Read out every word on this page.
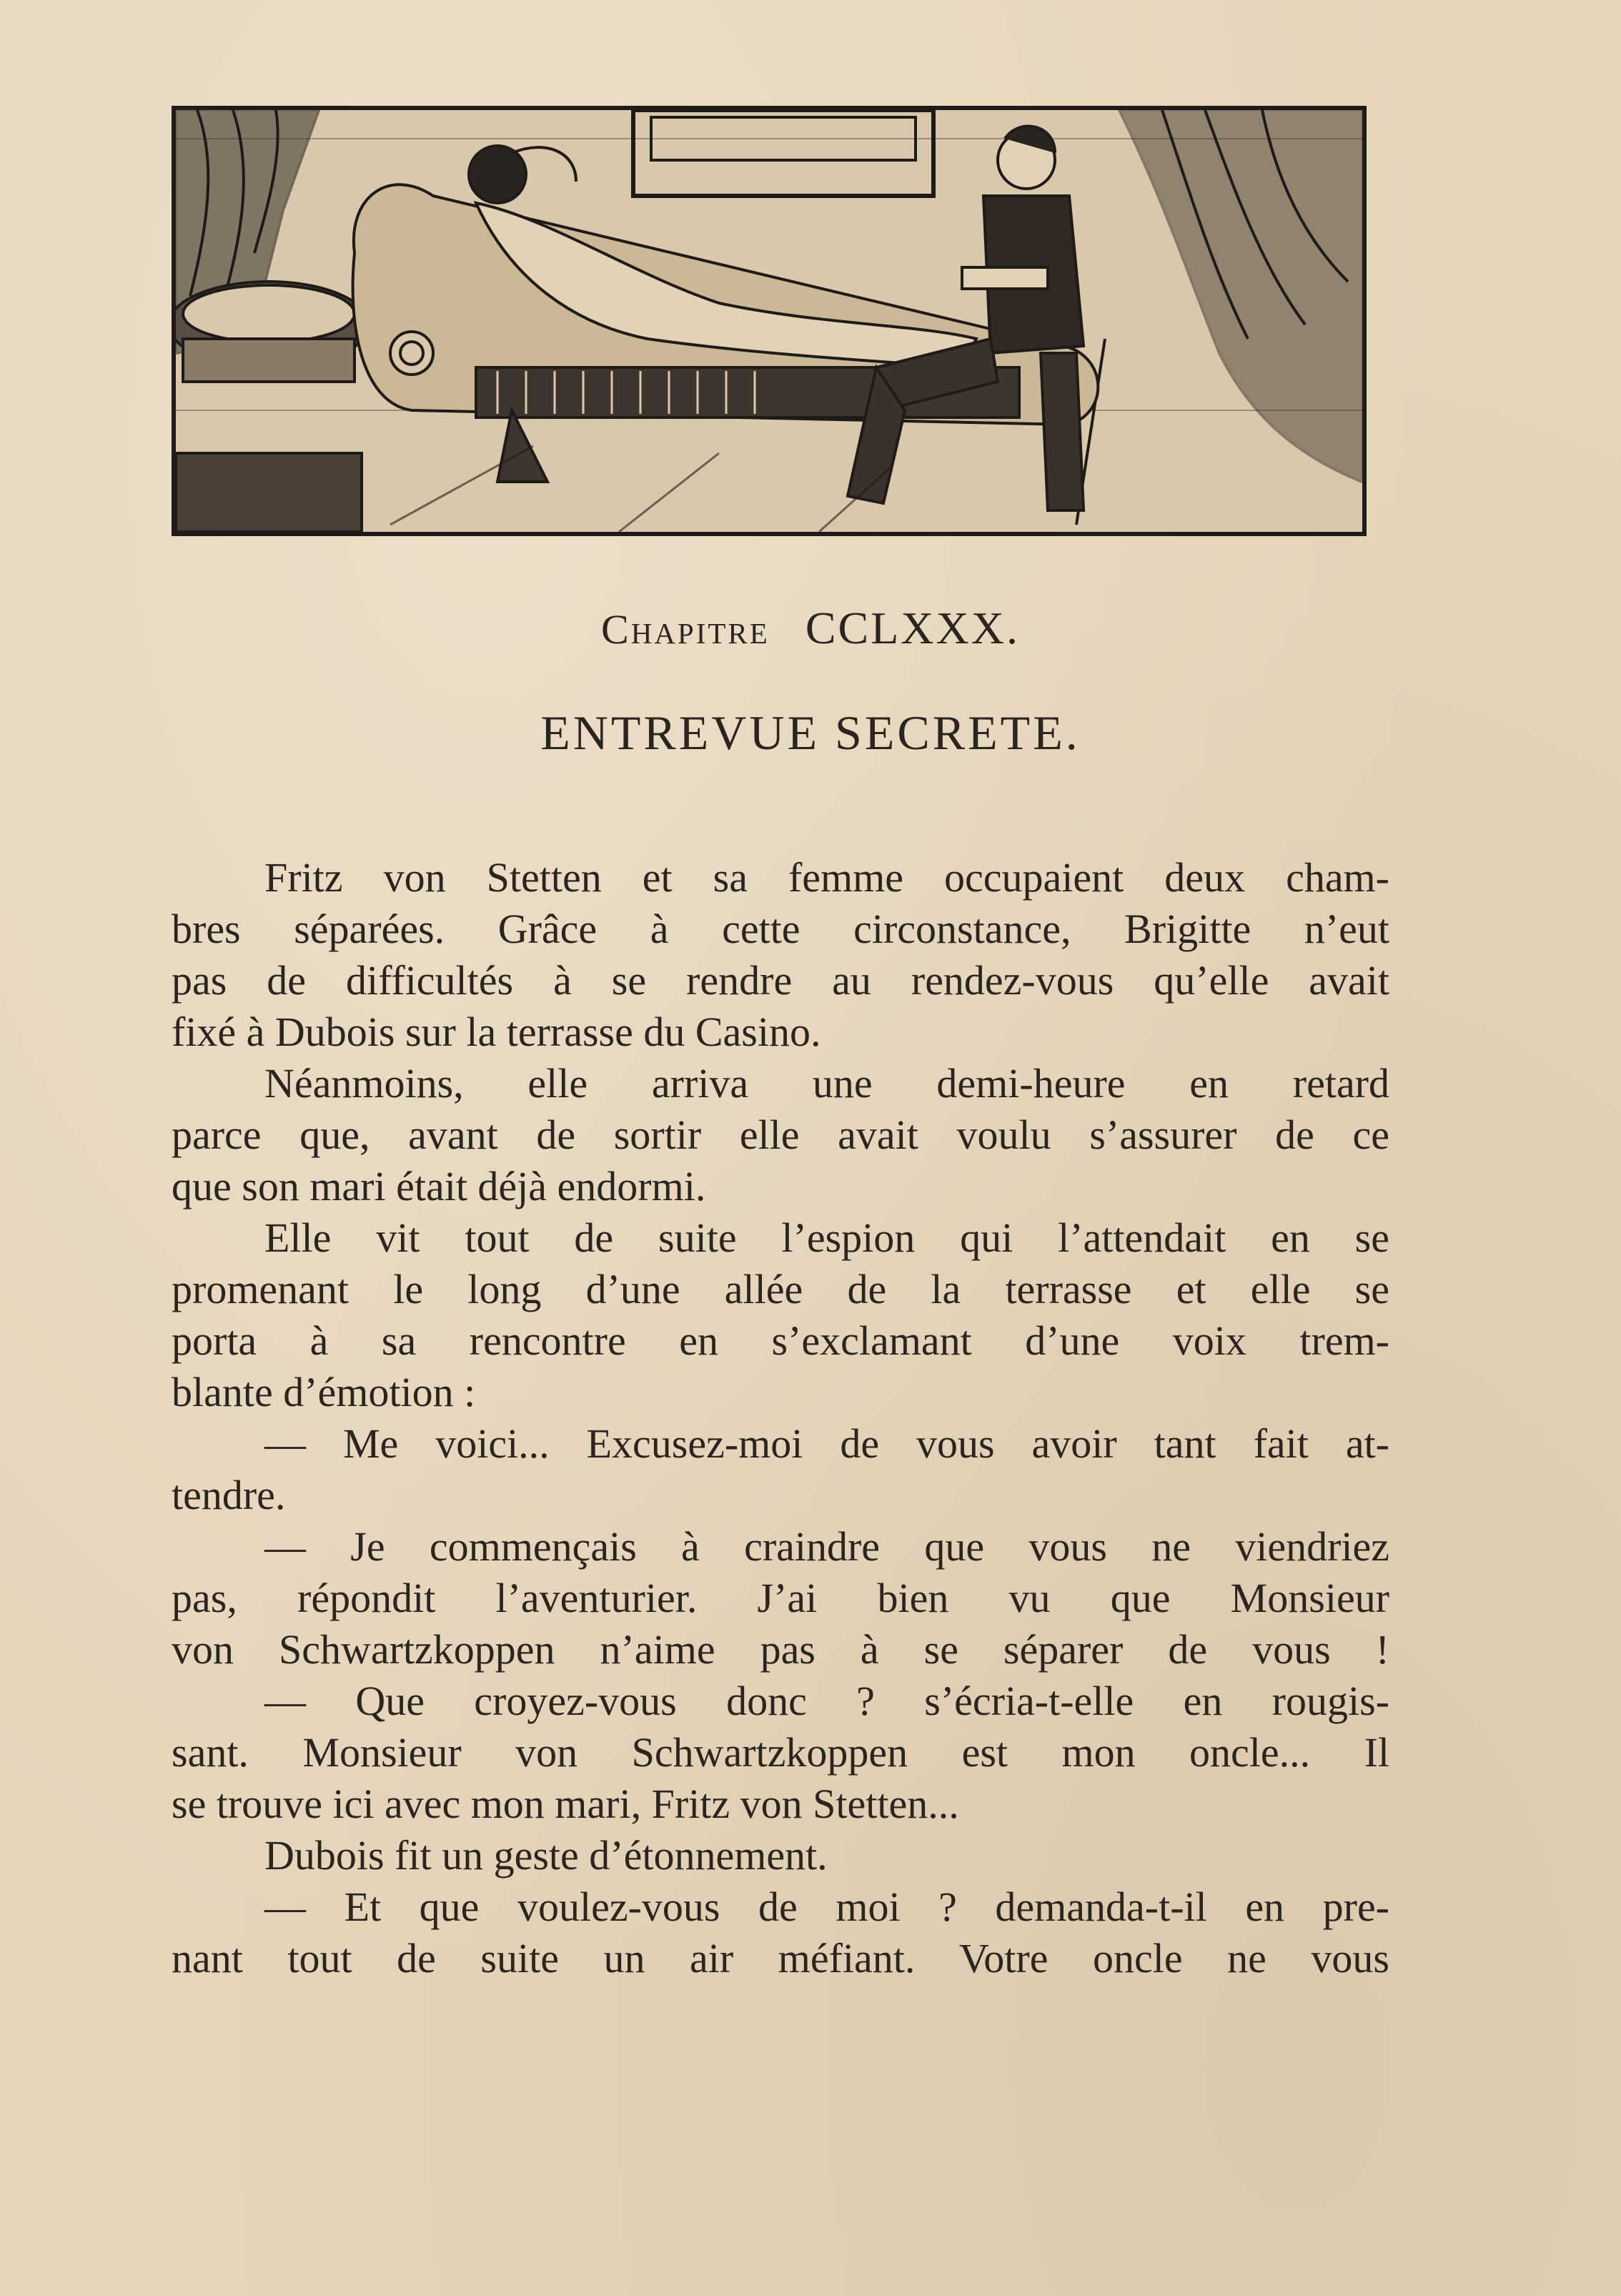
Chapitre CCLXXX.
ENTREVUE SECRETE.
Fritz von Stetten et sa femme occupaient deux cham-
bres séparées. Grâce à cette circonstance, Brigitte n’eut
pas de difficultés à se rendre au rendez-vous qu’elle avait
fixé à Dubois sur la terrasse du Casino.
Néanmoins, elle arriva une demi-heure en retard
parce que, avant de sortir elle avait voulu s’assurer de ce
que son mari était déjà endormi.
Elle vit tout de suite l’espion qui l’attendait en se
promenant le long d’une allée de la terrasse et elle se
porta à sa rencontre en s’exclamant d’une voix trem-
blante d’émotion :
— Me voici... Excusez-moi de vous avoir tant fait at-
tendre.
— Je commençais à craindre que vous ne viendriez
pas, répondit l’aventurier. J’ai bien vu que Monsieur
von Schwartzkoppen n’aime pas à se séparer de vous !
— Que croyez-vous donc ? s’écria-t-elle en rougis-
sant. Monsieur von Schwartzkoppen est mon oncle... Il
se trouve ici avec mon mari, Fritz von Stetten...
Dubois fit un geste d’étonnement.
— Et que voulez-vous de moi ? demanda-t-il en pre-
nant tout de suite un air méfiant. Votre oncle ne vous
